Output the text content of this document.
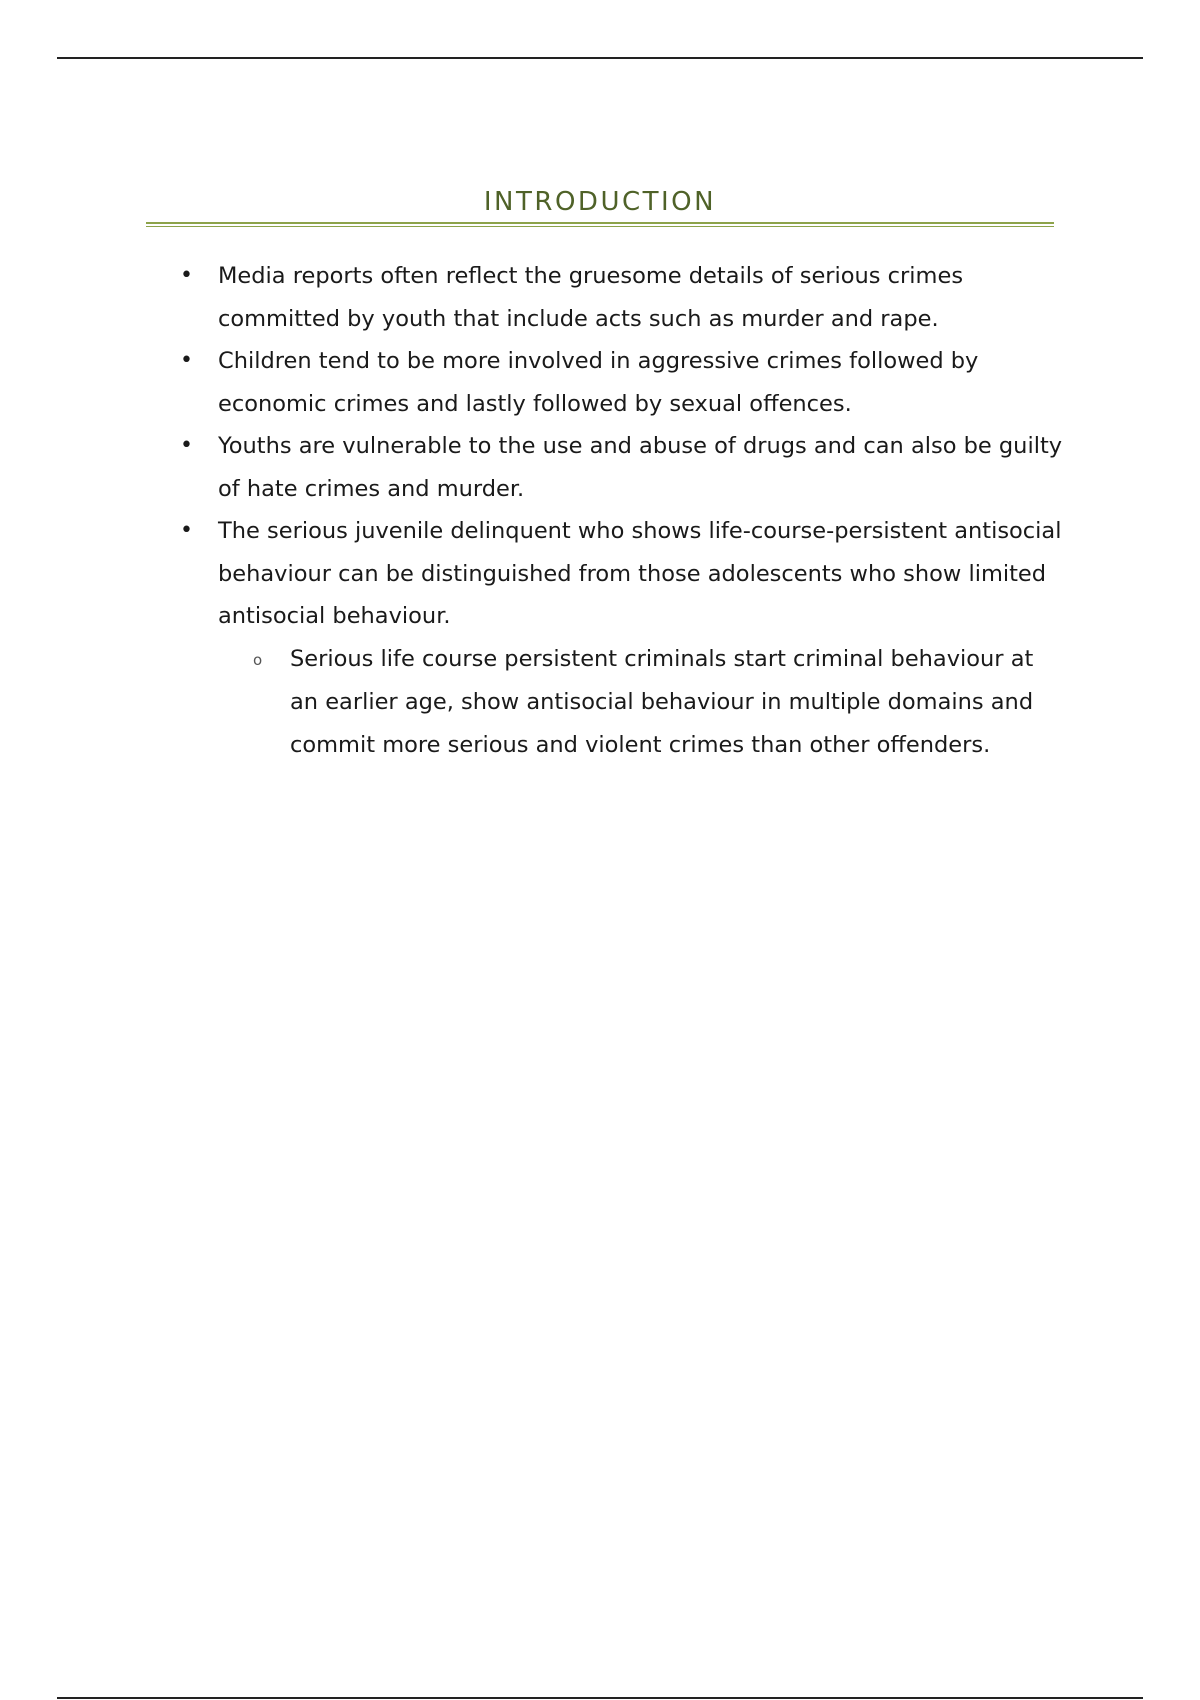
INTRODUCTION
• Media reports often reflect the gruesome details of serious crimes committed by youth that include acts such as murder and rape.
• Children tend to be more involved in aggressive crimes followed by economic crimes and lastly followed by sexual offences.
• Youths are vulnerable to the use and abuse of drugs and can also be guilty of hate crimes and murder.
• The serious juvenile delinquent who shows life-course-persistent antisocial behaviour can be distinguished from those adolescents who show limited antisocial behaviour.
o Serious life course persistent criminals start criminal behaviour at an earlier age, show antisocial behaviour in multiple domains and commit more serious and violent crimes than other offenders.
